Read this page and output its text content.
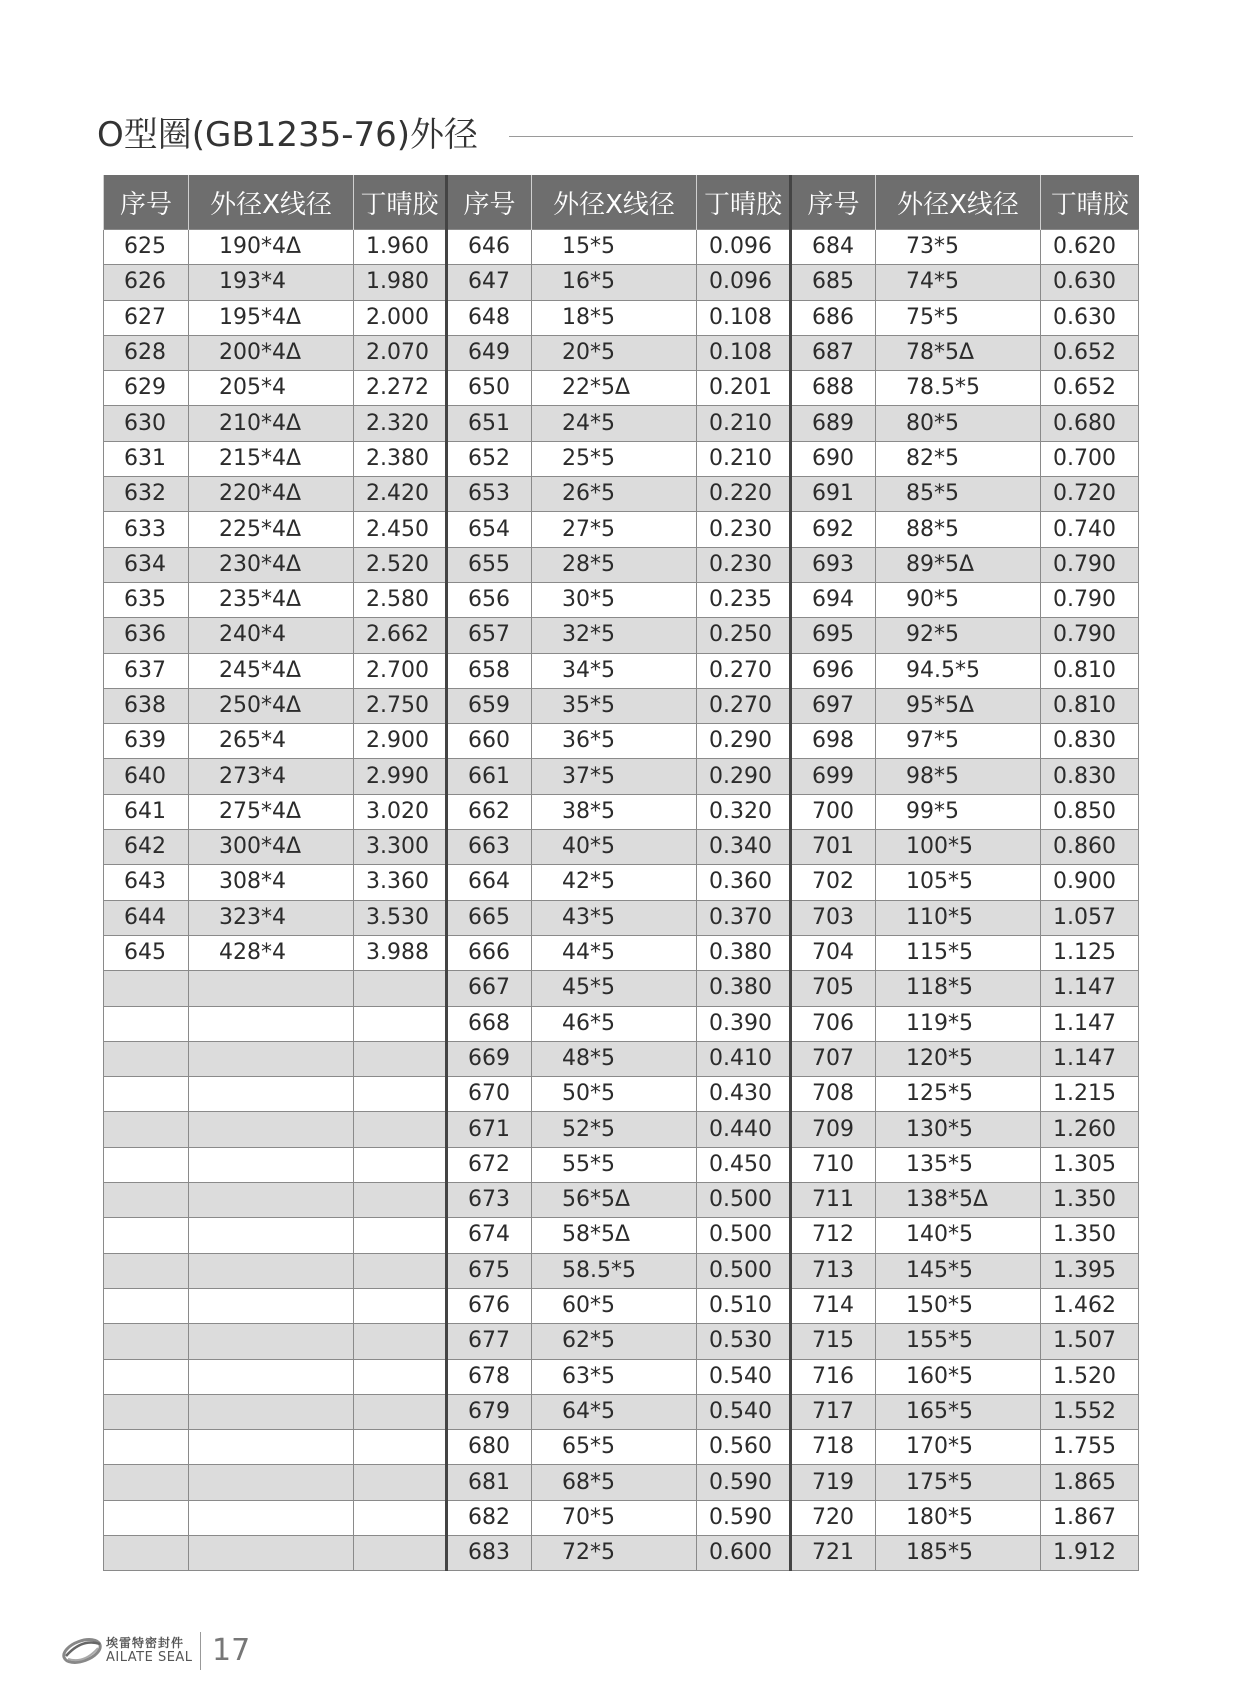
O型圈(GB1235-76)外径
序号	外径X线径	丁晴胶	序号	外径X线径	丁晴胶	序号	外径X线径	丁晴胶
625	190*4Δ	1.960	646	15*5	0.096	684	73*5	0.620
626	193*4	1.980	647	16*5	0.096	685	74*5	0.630
627	195*4Δ	2.000	648	18*5	0.108	686	75*5	0.630
628	200*4Δ	2.070	649	20*5	0.108	687	78*5Δ	0.652
629	205*4	2.272	650	22*5Δ	0.201	688	78.5*5	0.652
630	210*4Δ	2.320	651	24*5	0.210	689	80*5	0.680
631	215*4Δ	2.380	652	25*5	0.210	690	82*5	0.700
632	220*4Δ	2.420	653	26*5	0.220	691	85*5	0.720
633	225*4Δ	2.450	654	27*5	0.230	692	88*5	0.740
634	230*4Δ	2.520	655	28*5	0.230	693	89*5Δ	0.790
635	235*4Δ	2.580	656	30*5	0.235	694	90*5	0.790
636	240*4	2.662	657	32*5	0.250	695	92*5	0.790
637	245*4Δ	2.700	658	34*5	0.270	696	94.5*5	0.810
638	250*4Δ	2.750	659	35*5	0.270	697	95*5Δ	0.810
639	265*4	2.900	660	36*5	0.290	698	97*5	0.830
640	273*4	2.990	661	37*5	0.290	699	98*5	0.830
641	275*4Δ	3.020	662	38*5	0.320	700	99*5	0.850
642	300*4Δ	3.300	663	40*5	0.340	701	100*5	0.860
643	308*4	3.360	664	42*5	0.360	702	105*5	0.900
644	323*4	3.530	665	43*5	0.370	703	110*5	1.057
645	428*4	3.988	666	44*5	0.380	704	115*5	1.125
			667	45*5	0.380	705	118*5	1.147
			668	46*5	0.390	706	119*5	1.147
			669	48*5	0.410	707	120*5	1.147
			670	50*5	0.430	708	125*5	1.215
			671	52*5	0.440	709	130*5	1.260
			672	55*5	0.450	710	135*5	1.305
			673	56*5Δ	0.500	711	138*5Δ	1.350
			674	58*5Δ	0.500	712	140*5	1.350
			675	58.5*5	0.500	713	145*5	1.395
			676	60*5	0.510	714	150*5	1.462
			677	62*5	0.530	715	155*5	1.507
			678	63*5	0.540	716	160*5	1.520
			679	64*5	0.540	717	165*5	1.552
			680	65*5	0.560	718	170*5	1.755
			681	68*5	0.590	719	175*5	1.865
			682	70*5	0.590	720	180*5	1.867
			683	72*5	0.600	721	185*5	1.912
埃雷特密封件
AILATE SEAL 17
